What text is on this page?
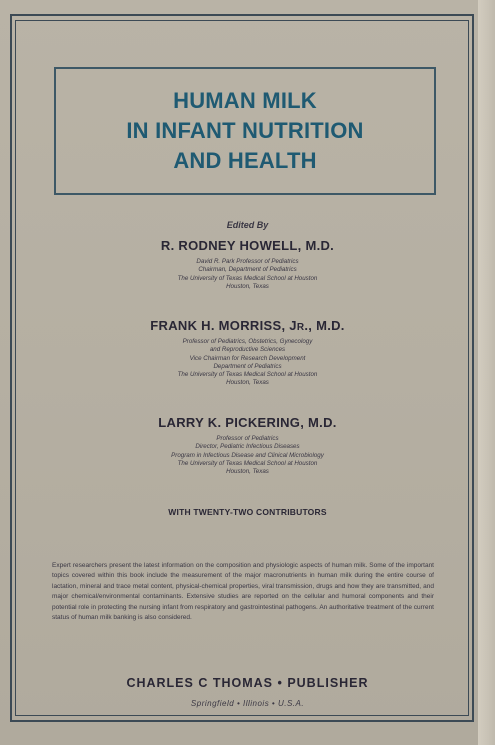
HUMAN MILK
IN INFANT NUTRITION
AND HEALTH
Edited By
R. RODNEY HOWELL, M.D.
David R. Park Professor of Pediatrics
Chairman, Department of Pediatrics
The University of Texas Medical School at Houston
Houston, Texas
FRANK H. MORRISS, JR., M.D.
Professor of Pediatrics, Obstetrics, Gynecology
and Reproductive Sciences
Vice Chairman for Research Development
Department of Pediatrics
The University of Texas Medical School at Houston
Houston, Texas
LARRY K. PICKERING, M.D.
Professor of Pediatrics
Director, Pediatric Infectious Diseases
Program in Infectious Disease and Clinical Microbiology
The University of Texas Medical School at Houston
Houston, Texas
WITH TWENTY-TWO CONTRIBUTORS
Expert researchers present the latest information on the composition and physiologic aspects of human milk. Some of the important topics covered within this book include the measurement of the major macronutrients in human milk during the entire course of lactation, mineral and trace metal content, physical-chemical properties, viral transmission, drugs and how they are transmitted, and major chemical/environmental contaminants. Extensive studies are reported on the cellular and humoral components and their potential role in protecting the nursing infant from respiratory and gastrointestinal pathogens. An authoritative treatment of the current status of human milk banking is also considered.
CHARLES C THOMAS • PUBLISHER
Springfield • Illinois • U.S.A.
